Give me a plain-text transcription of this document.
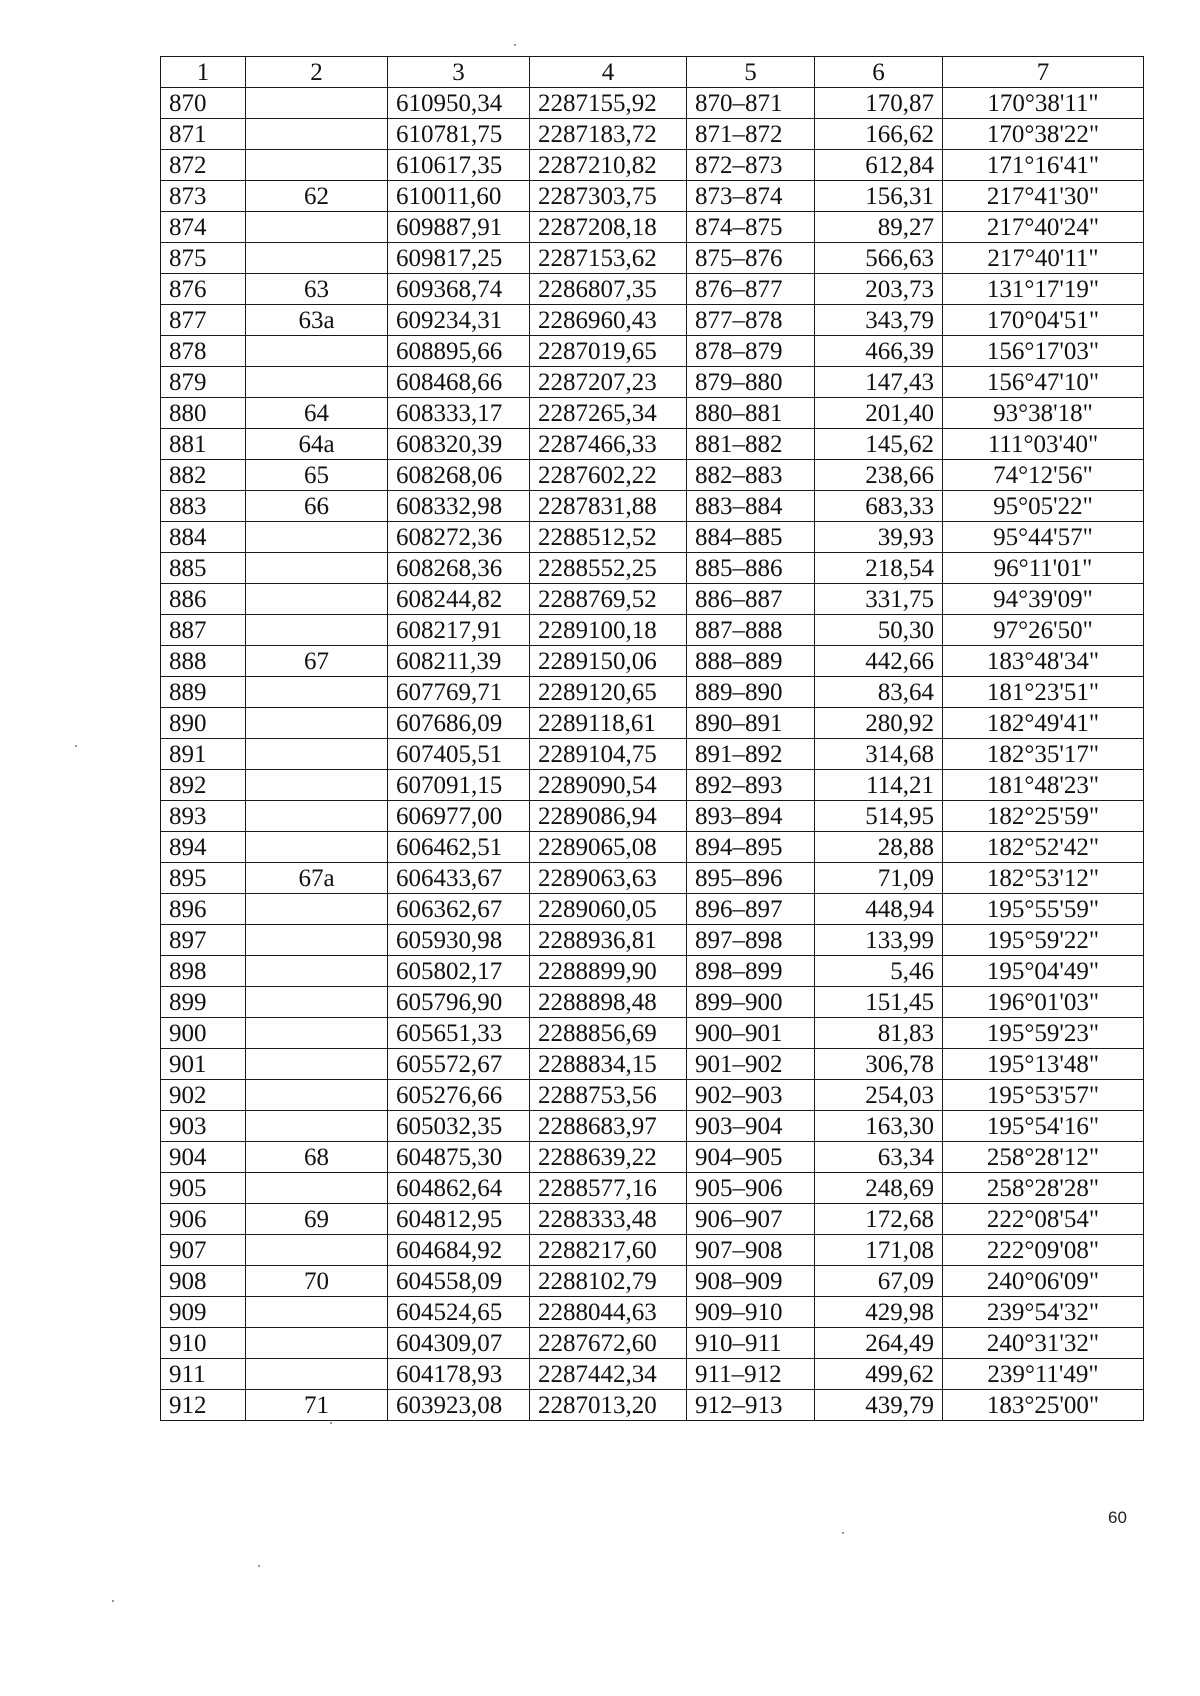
1	2	3	4	5	6	7
870		610950,34	2287155,92	870–871	170,87	170°38'11"
871		610781,75	2287183,72	871–872	166,62	170°38'22"
872		610617,35	2287210,82	872–873	612,84	171°16'41"
873	62	610011,60	2287303,75	873–874	156,31	217°41'30"
874		609887,91	2287208,18	874–875	89,27	217°40'24"
875		609817,25	2287153,62	875–876	566,63	217°40'11"
876	63	609368,74	2286807,35	876–877	203,73	131°17'19"
877	63a	609234,31	2286960,43	877–878	343,79	170°04'51"
878		608895,66	2287019,65	878–879	466,39	156°17'03"
879		608468,66	2287207,23	879–880	147,43	156°47'10"
880	64	608333,17	2287265,34	880–881	201,40	93°38'18"
881	64a	608320,39	2287466,33	881–882	145,62	111°03'40"
882	65	608268,06	2287602,22	882–883	238,66	74°12'56"
883	66	608332,98	2287831,88	883–884	683,33	95°05'22"
884		608272,36	2288512,52	884–885	39,93	95°44'57"
885		608268,36	2288552,25	885–886	218,54	96°11'01"
886		608244,82	2288769,52	886–887	331,75	94°39'09"
887		608217,91	2289100,18	887–888	50,30	97°26'50"
888	67	608211,39	2289150,06	888–889	442,66	183°48'34"
889		607769,71	2289120,65	889–890	83,64	181°23'51"
890		607686,09	2289118,61	890–891	280,92	182°49'41"
891		607405,51	2289104,75	891–892	314,68	182°35'17"
892		607091,15	2289090,54	892–893	114,21	181°48'23"
893		606977,00	2289086,94	893–894	514,95	182°25'59"
894		606462,51	2289065,08	894–895	28,88	182°52'42"
895	67a	606433,67	2289063,63	895–896	71,09	182°53'12"
896		606362,67	2289060,05	896–897	448,94	195°55'59"
897		605930,98	2288936,81	897–898	133,99	195°59'22"
898		605802,17	2288899,90	898–899	5,46	195°04'49"
899		605796,90	2288898,48	899–900	151,45	196°01'03"
900		605651,33	2288856,69	900–901	81,83	195°59'23"
901		605572,67	2288834,15	901–902	306,78	195°13'48"
902		605276,66	2288753,56	902–903	254,03	195°53'57"
903		605032,35	2288683,97	903–904	163,30	195°54'16"
904	68	604875,30	2288639,22	904–905	63,34	258°28'12"
905		604862,64	2288577,16	905–906	248,69	258°28'28"
906	69	604812,95	2288333,48	906–907	172,68	222°08'54"
907		604684,92	2288217,60	907–908	171,08	222°09'08"
908	70	604558,09	2288102,79	908–909	67,09	240°06'09"
909		604524,65	2288044,63	909–910	429,98	239°54'32"
910		604309,07	2287672,60	910–911	264,49	240°31'32"
911		604178,93	2287442,34	911–912	499,62	239°11'49"
912	71	603923,08	2287013,20	912–913	439,79	183°25'00"
60
